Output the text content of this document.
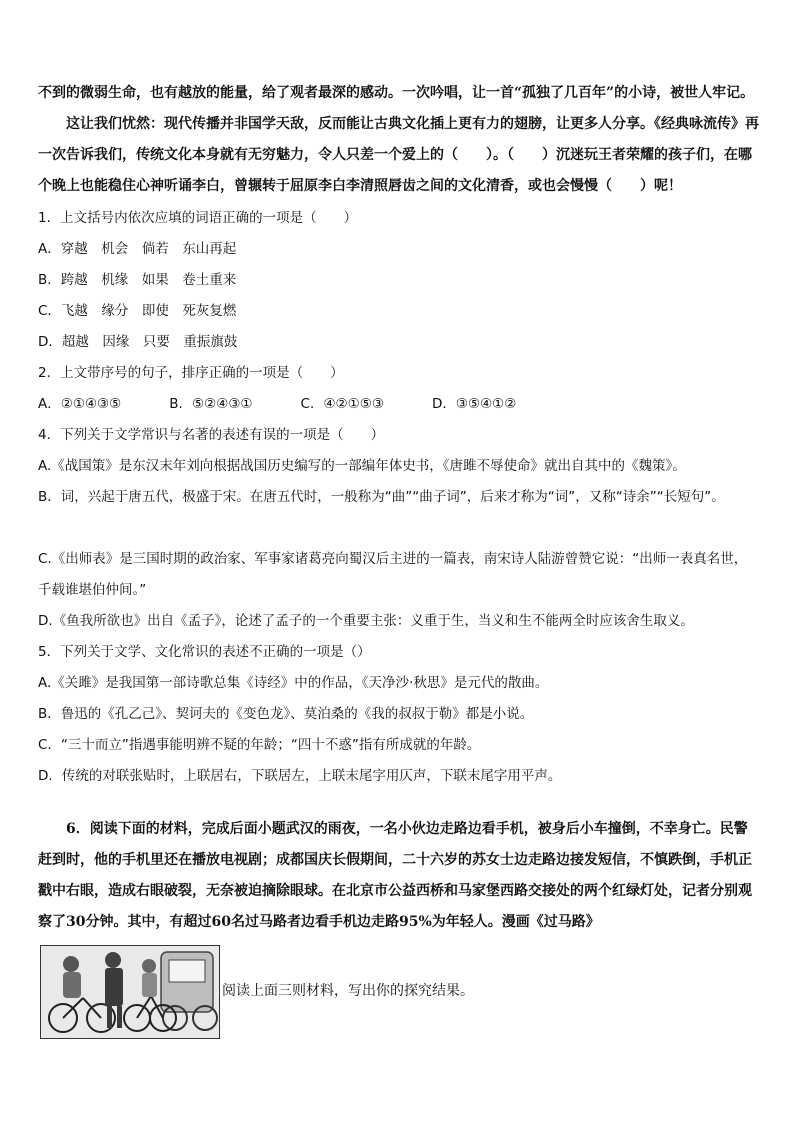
不到的微弱生命，也有越放的能量，给了观者最深的感动。一次吟唱，让一首“孤独了几百年”的小诗，被世人牢记。

这让我们忧然：现代传播并非国学天敌，反而能让古典文化插上更有力的翅膀，让更多人分享。《经典咏流传》再一次告诉我们，传统文化本身就有无穷魅力，令人只差一个爱上的（　　）。（　　）沉迷玩王者荣耀的孩子们，在哪个晚上也能稳住心神听诵李白，曾辗转于屈原李白李清照唇齿之间的文化清香，或也会慢慢（　　）呢！

1．上文括号内依次应填的词语正确的一项是（　　）

A．穿越　机会　倘若　东山再起

B．跨越　机缘　如果　卷土重来

C．飞越　缘分　即使　死灰复燃

D．超越　因缘　只要　重振旗鼓

2．上文带序号的句子，排序正确的一项是（　　）

A．②①④③⑤	B．⑤②④③①	C．④②①⑤③	D．③⑤④①②

4．下列关于文学常识与名著的表述有误的一项是（　　）

A.《战国策》是东汉末年刘向根据战国历史编写的一部编年体史书，《唐雎不辱使命》就出自其中的《魏策》。

B．词，兴起于唐五代，极盛于宋。在唐五代时，一般称为“曲”“曲子词”，后来才称为“词”，又称“诗余”“长短句”。

C.《出师表》是三国时期的政治家、军事家诸葛亮向蜀汉后主进的一篇表，南宋诗人陆游曾赞它说：“出师一表真名世，千载谁堪伯仲间。”

D.《鱼我所欲也》出自《孟子》，论述了孟子的一个重要主张：义重于生，当义和生不能两全时应该舍生取义。

5．下列关于文学、文化常识的表述不正确的一项是（）

A.《关雎》是我国第一部诗歌总集《诗经》中的作品，《天净沙·秋思》是元代的散曲。

B．鲁迅的《孔乙己》、契诃夫的《变色龙》、莫泊桑的《我的叔叔于勒》都是小说。

C．“三十而立”指遇事能明辨不疑的年龄；“四十不惑”指有所成就的年龄。

D．传统的对联张贴时，上联居右，下联居左，上联末尾字用仄声，下联末尾字用平声。

6．阅读下面的材料，完成后面小题武汉的雨夜，一名小伙边走路边看手机，被身后小车撞倒，不幸身亡。民警赶到时，他的手机里还在播放电视剧；成都国庆长假期间，二十六岁的苏女士边走路边接发短信，不慎跌倒，手机正戳中右眼，造成右眼破裂，无奈被迫摘除眼球。在北京市公益西桥和马家堡西路交接处的两个红绿灯处，记者分别观察了30分钟。其中，有超过60名过马路者边看手机边走路95%为年轻人。漫画《过马路》

阅读上面三则材料，写出你的探究结果。
